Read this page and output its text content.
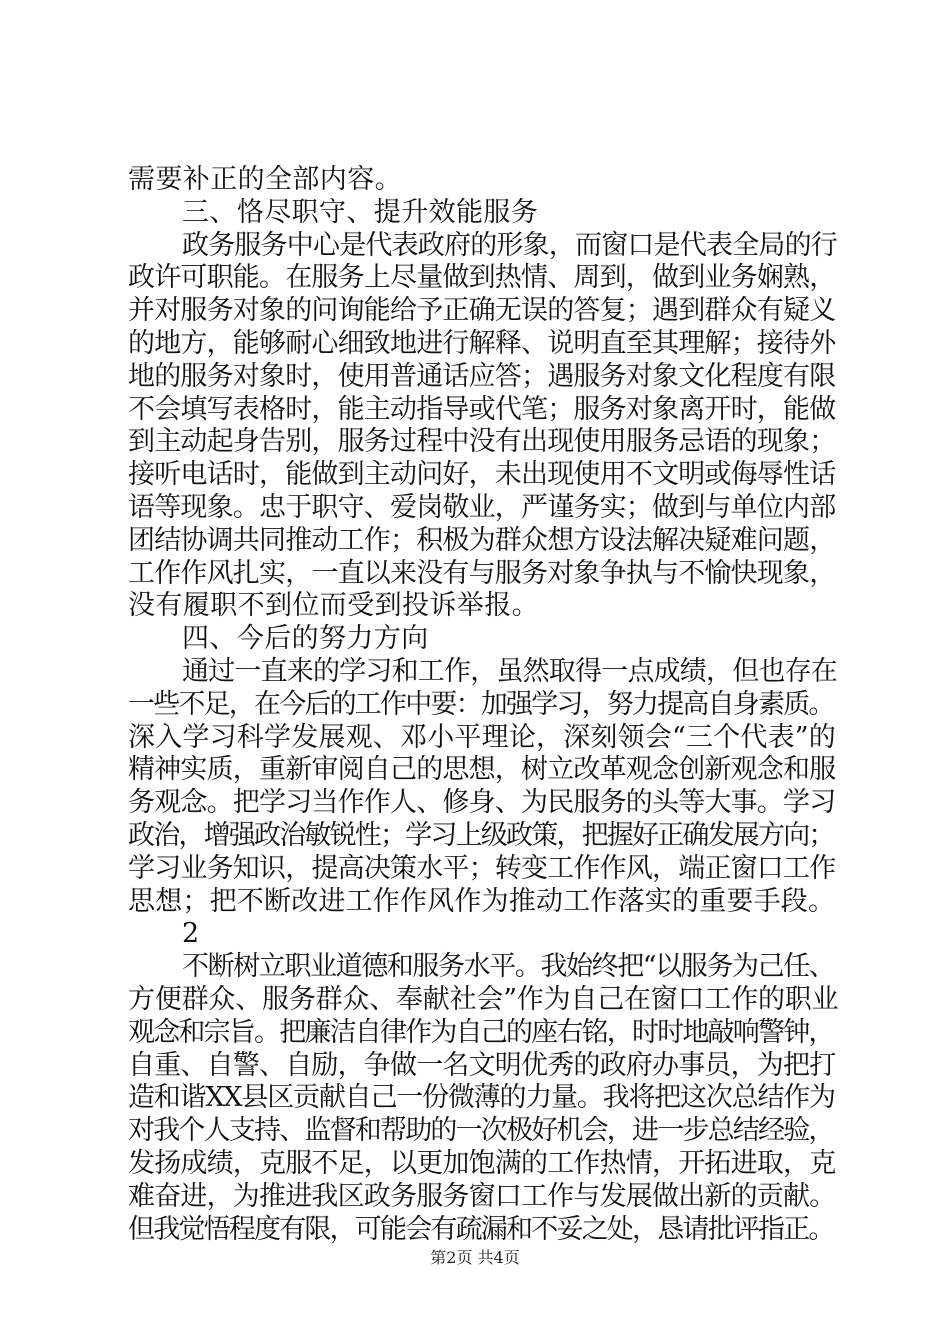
需要补正的全部内容。
三、恪尽职守、提升效能服务
政务服务中心是代表政府的形象，而窗口是代表全局的行
政许可职能。在服务上尽量做到热情、周到，做到业务娴熟，
并对服务对象的问询能给予正确无误的答复；遇到群众有疑义
的地方，能够耐心细致地进行解释、说明直至其理解；接待外
地的服务对象时，使用普通话应答；遇服务对象文化程度有限
不会填写表格时，能主动指导或代笔；服务对象离开时，能做
到主动起身告别，服务过程中没有出现使用服务忌语的现象；
接听电话时，能做到主动问好，未出现使用不文明或侮辱性话
语等现象。忠于职守、爱岗敬业，严谨务实；做到与单位内部
团结协调共同推动工作；积极为群众想方设法解决疑难问题，
工作作风扎实，一直以来没有与服务对象争执与不愉快现象，
没有履职不到位而受到投诉举报。
四、今后的努力方向
通过一直来的学习和工作，虽然取得一点成绩，但也存在
一些不足，在今后的工作中要：加强学习，努力提高自身素质。
深入学习科学发展观、邓小平理论，深刻领会“三个代表”的
精神实质，重新审阅自己的思想，树立改革观念创新观念和服
务观念。把学习当作作人、修身、为民服务的头等大事。学习
政治，增强政治敏锐性；学习上级政策，把握好正确发展方向；
学习业务知识，提高决策水平；转变工作作风，端正窗口工作
思想；把不断改进工作作风作为推动工作落实的重要手段。
2
不断树立职业道德和服务水平。我始终把“以服务为己任、
方便群众、服务群众、奉献社会”作为自己在窗口工作的职业
观念和宗旨。把廉洁自律作为自己的座右铭，时时地敲响警钟，
自重、自警、自励，争做一名文明优秀的政府办事员，为把打
造和谐XX县区贡献自己一份微薄的力量。我将把这次总结作为
对我个人支持、监督和帮助的一次极好机会，进一步总结经验，
发扬成绩，克服不足，以更加饱满的工作热情，开拓进取，克
难奋进，为推进我区政务服务窗口工作与发展做出新的贡献。
但我觉悟程度有限，可能会有疏漏和不妥之处，恳请批评指正。
第2页 共4页
